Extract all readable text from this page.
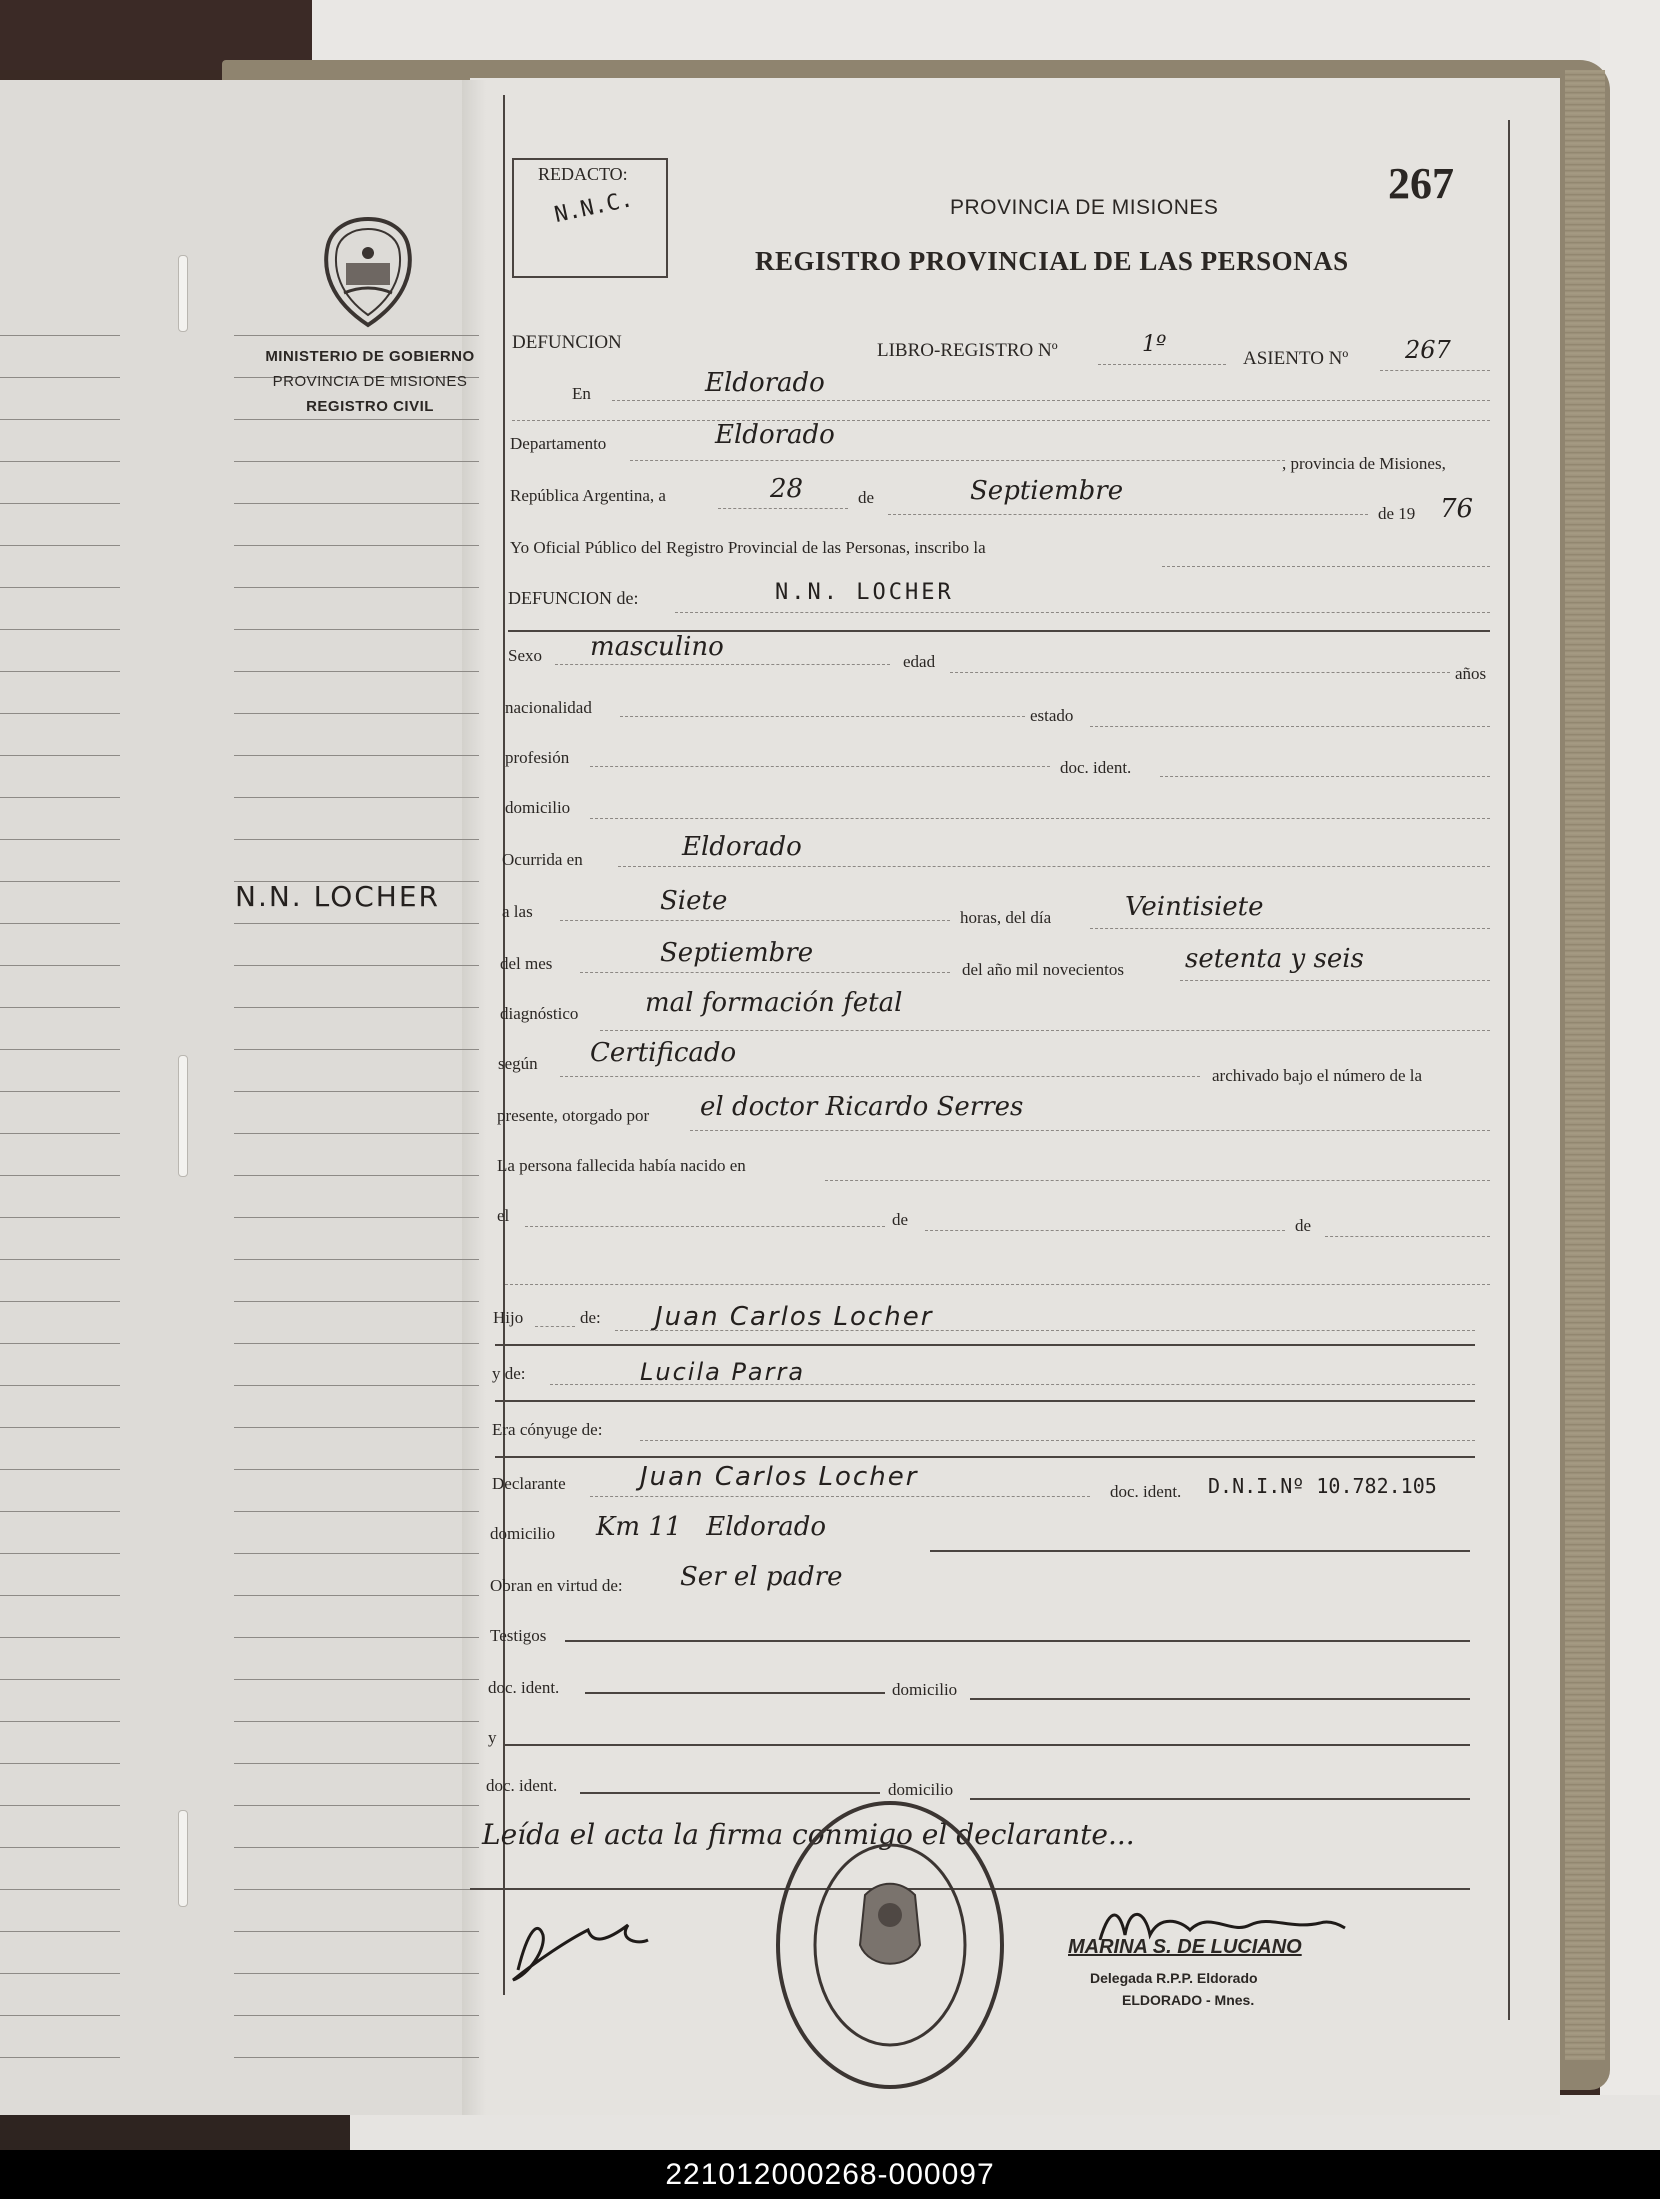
MINISTERIO DE GOBIERNO
PROVINCIA DE MISIONES
REGISTRO CIVIL
N.N. LOCHER
REDACTO:
N.N.C.	267
PROVINCIA DE MISIONES
REGISTRO PROVINCIAL DE LAS PERSONAS
DEFUNCION	LIBRO-REGISTRO Nº	1º
ASIENTO Nº 267
En	Eldorado
Departamento	Eldorado
, provincia de Misiones,
República Argentina, a	28	de	Septiembre
de 19 76
Yo Oficial Público del Registro Provincial de las Personas, inscribo la
DEFUNCION de:	N.N. LOCHER
Sexo masculino	edad
años
nacionalidad	estado
profesión
doc. ident.
domicilio
Ocurrida en	Eldorado
a las	Siete
horas, del día	Veintisiete
del mes	Septiembre
del año mil novecientos setenta y seis
diagnóstico	mal formación fetal
según Certificado
archivado bajo el número de la
presente, otorgado por el doctor Ricardo Serres
La persona fallecida había nacido en
el	de	de
Hijo	de: Juan Carlos Locher
y de:	Lucila Parra
Era cónyuge de:
Declarante	Juan Carlos Locher	doc. ident. D.N.I.Nº 10.782.105
domicilio Km 11   Eldorado
Obran en virtud de: Ser el padre
Testigos
doc. ident.	domicilio
y
doc. ident.	domicilio
Leída el acta la firma conmigo el declarante...
MARINA S. DE LUCIANO
Delegada R.P.P. Eldorado
ELDORADO - Mnes.
221012000268-000097
